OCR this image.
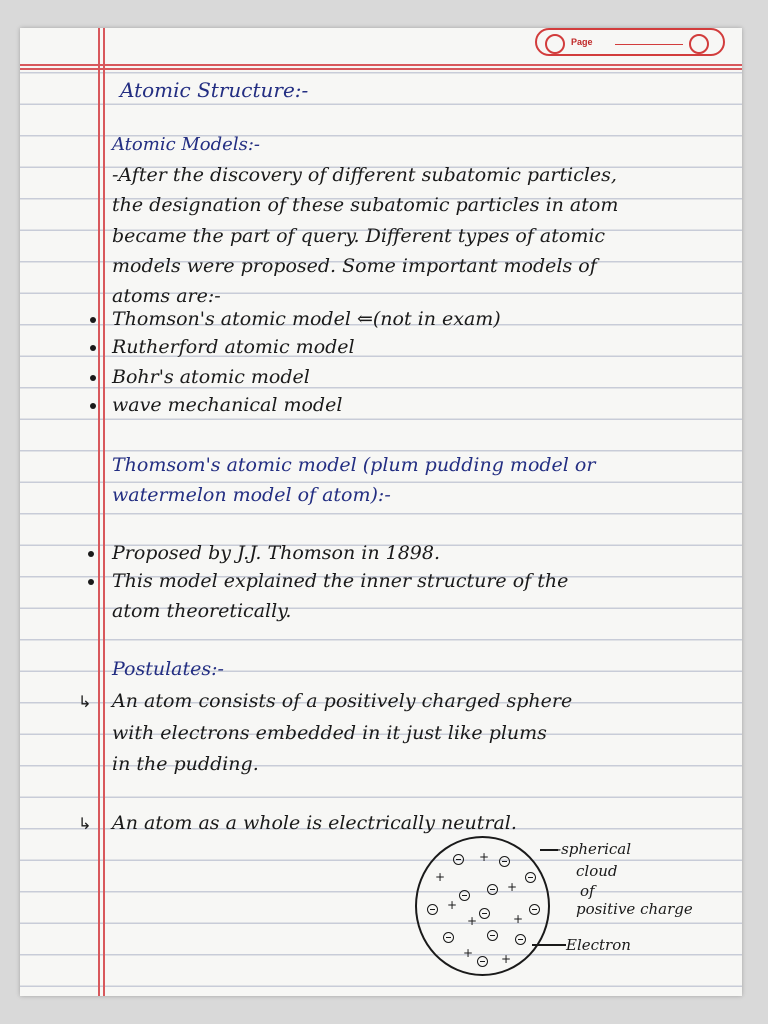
Page
Atomic Structure:-
Atomic Models:-
-After the discovery of different subatomic particles,
the designation of these subatomic particles in atom
became the part of query. Different types of atomic
models were proposed. Some important models of
atoms are:-
Thomson's atomic model ⇐(not in exam)
Rutherford atomic model
Bohr's atomic model
wave mechanical model
Thomsom's atomic model (plum pudding model or
watermelon model of atom):-
Proposed by J.J. Thomson in 1898.
This model explained the inner structure of the
atom theoretically.
Postulates:-
↳ An atom consists of a positively charged sphere
with electrons embedded in it just like plums
in the pudding.
↳ An atom as a whole is electrically neutral.
+
+
+
+
+	+
+ +
-spherical
cloud
of
positive charge
Electron
